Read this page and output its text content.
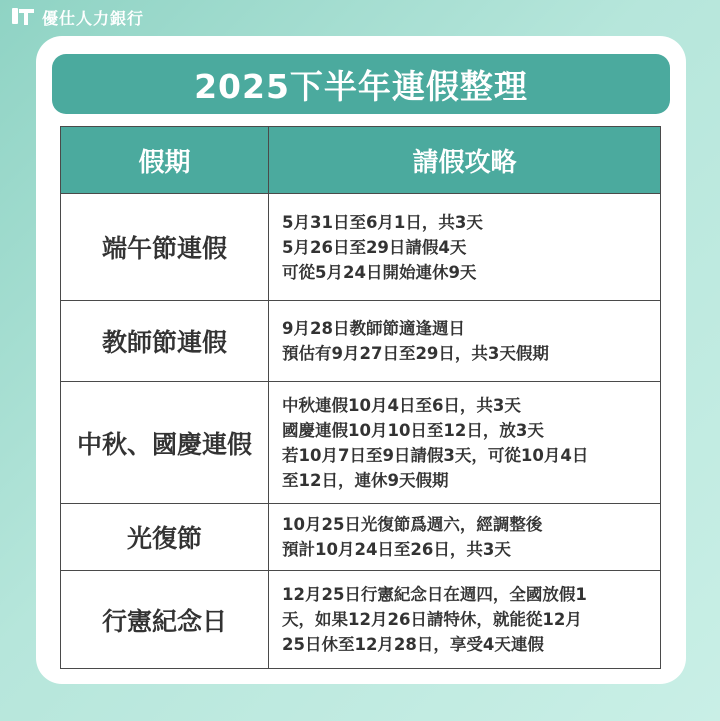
優仕人力銀行
2025下半年連假整理
假期	請假攻略
端午節連假	5月31日至6月1日，共3天
5月26日至29日請假4天
可從5月24日開始連休9天

教師節連假	9月28日教師節適逢週日
預估有9月27日至29日，共3天假期

中秋、國慶連假	中秋連假10月4日至6日，共3天
國慶連假10月10日至12日，放3天
若10月7日至9日請假3天，可從10月4日
至12日，連休9天假期

光復節	10月25日光復節爲週六，經調整後
預計10月24日至26日，共3天

行憲紀念日	12月25日行憲紀念日在週四，全國放假1
天，如果12月26日請特休，就能從12月
25日休至12月28日，享受4天連假
